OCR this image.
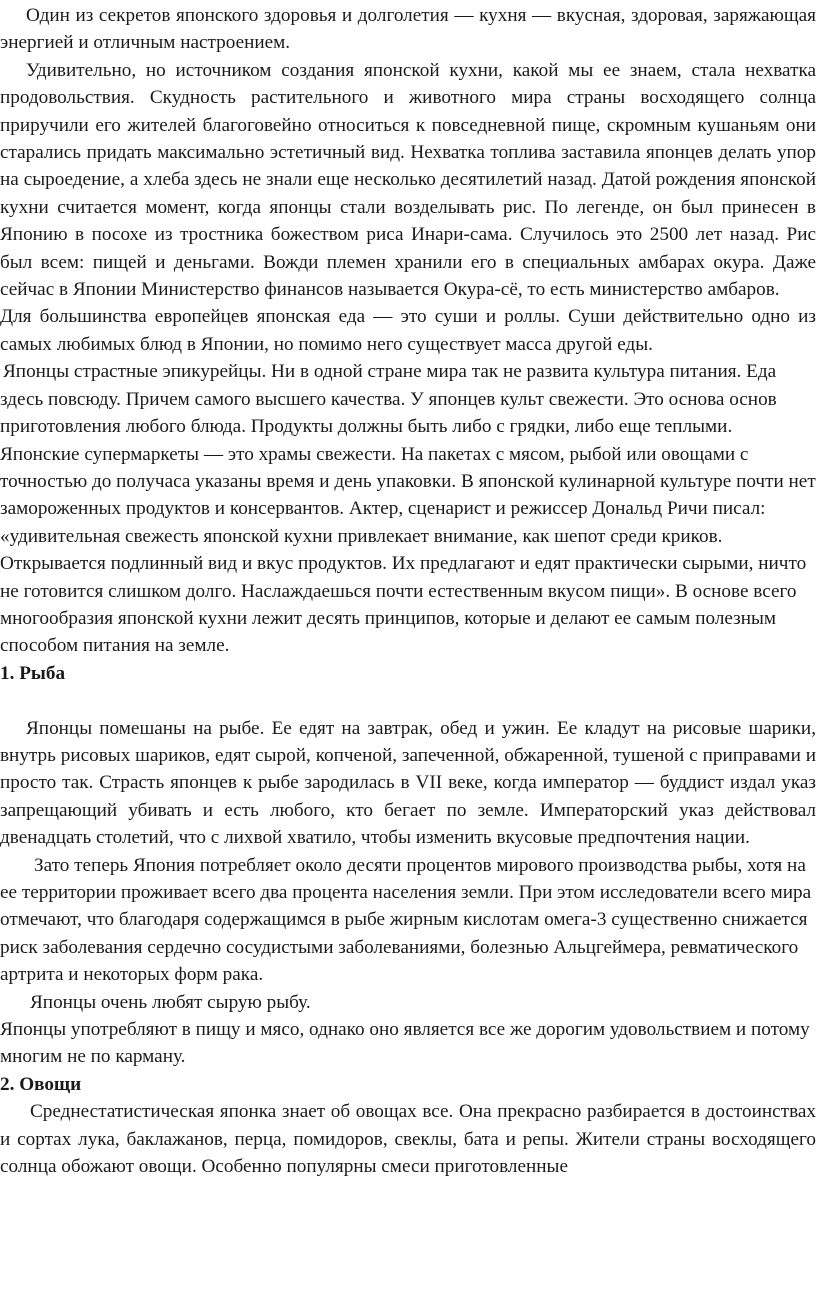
Один из секретов японского здоровья и долголетия — кухня — вкусная, здоровая, заряжающая энергией и отличным настроением.

Удивительно, но источником создания японской кухни, какой мы ее знаем, стала нехватка продовольствия. Скудность растительного и животного мира страны восходящего солнца приручили его жителей благоговейно относиться к повседневной пище, скромным кушаньям они старались придать максимально эстетичный вид. Нехватка топлива заставила японцев делать упор на сыроедение, а хлеба здесь не знали еще несколько десятилетий назад. Датой рождения японской кухни считается момент, когда японцы стали возделывать рис. По легенде, он был принесен в Японию в посохе из тростника божеством риса Инари-сама. Случилось это 2500 лет назад. Рис был всем: пищей и деньгами. Вожди племен хранили его в специальных амбарах окура. Даже сейчас в Японии Министерство финансов называется Окура-сё, то есть министерство амбаров.

Для большинства европейцев японская еда — это суши и роллы. Суши действительно одно из самых любимых блюд в Японии, но помимо него существует масса другой еды.

Японцы страстные эпикурейцы. Ни в одной стране мира так не развита культура питания. Еда здесь повсюду. Причем самого высшего качества. У японцев культ свежести. Это основа основ приготовления любого блюда. Продукты должны быть либо с грядки, либо еще теплыми. Японские супермаркеты — это храмы свежести. На пакетах с мясом, рыбой или овощами с точностью до получаса указаны время и день упаковки. В японской кулинарной культуре почти нет замороженных продуктов и консервантов. Актер, сценарист и режиссер Дональд Ричи писал: «удивительная свежесть японской кухни привлекает внимание, как шепот среди криков. Открывается подлинный вид и вкус продуктов. Их предлагают и едят практически сырыми, ничто не готовится слишком долго. Наслаждаешься почти естественным вкусом пищи». В основе всего многообразия японской кухни лежит десять принципов, которые и делают ее самым полезным способом питания на земле.

1. Рыба

Японцы помешаны на рыбе. Ее едят на завтрак, обед и ужин. Ее кладут на рисовые шарики, внутрь рисовых шариков, едят сырой, копченой, запеченной, обжаренной, тушеной с приправами и просто так. Страсть японцев к рыбе зародилась в VII веке, когда император — буддист издал указ запрещающий убивать и есть любого, кто бегает по земле. Императорский указ действовал двенадцать столетий, что с лихвой хватило, чтобы изменить вкусовые предпочтения нации.

Зато теперь Япония потребляет около десяти процентов мирового производства рыбы, хотя на ее территории проживает всего два процента населения земли. При этом исследователи всего мира отмечают, что благодаря содержащимся в рыбе жирным кислотам омега-3 существенно снижается риск заболевания сердечно сосудистыми заболеваниями, болезнью Альцгеймера, ревматического артрита и некоторых форм рака.

Японцы очень любят сырую рыбу.

Японцы употребляют в пищу и мясо, однако оно является все же дорогим удовольствием и потому многим не по карману.

2. Овощи

Среднестатистическая японка знает об овощах все. Она прекрасно разбирается в достоинствах и сортах лука, баклажанов, перца, помидоров, свеклы, бата и репы. Жители страны восходящего солнца обожают овощи. Особенно популярны смеси приготовленные
